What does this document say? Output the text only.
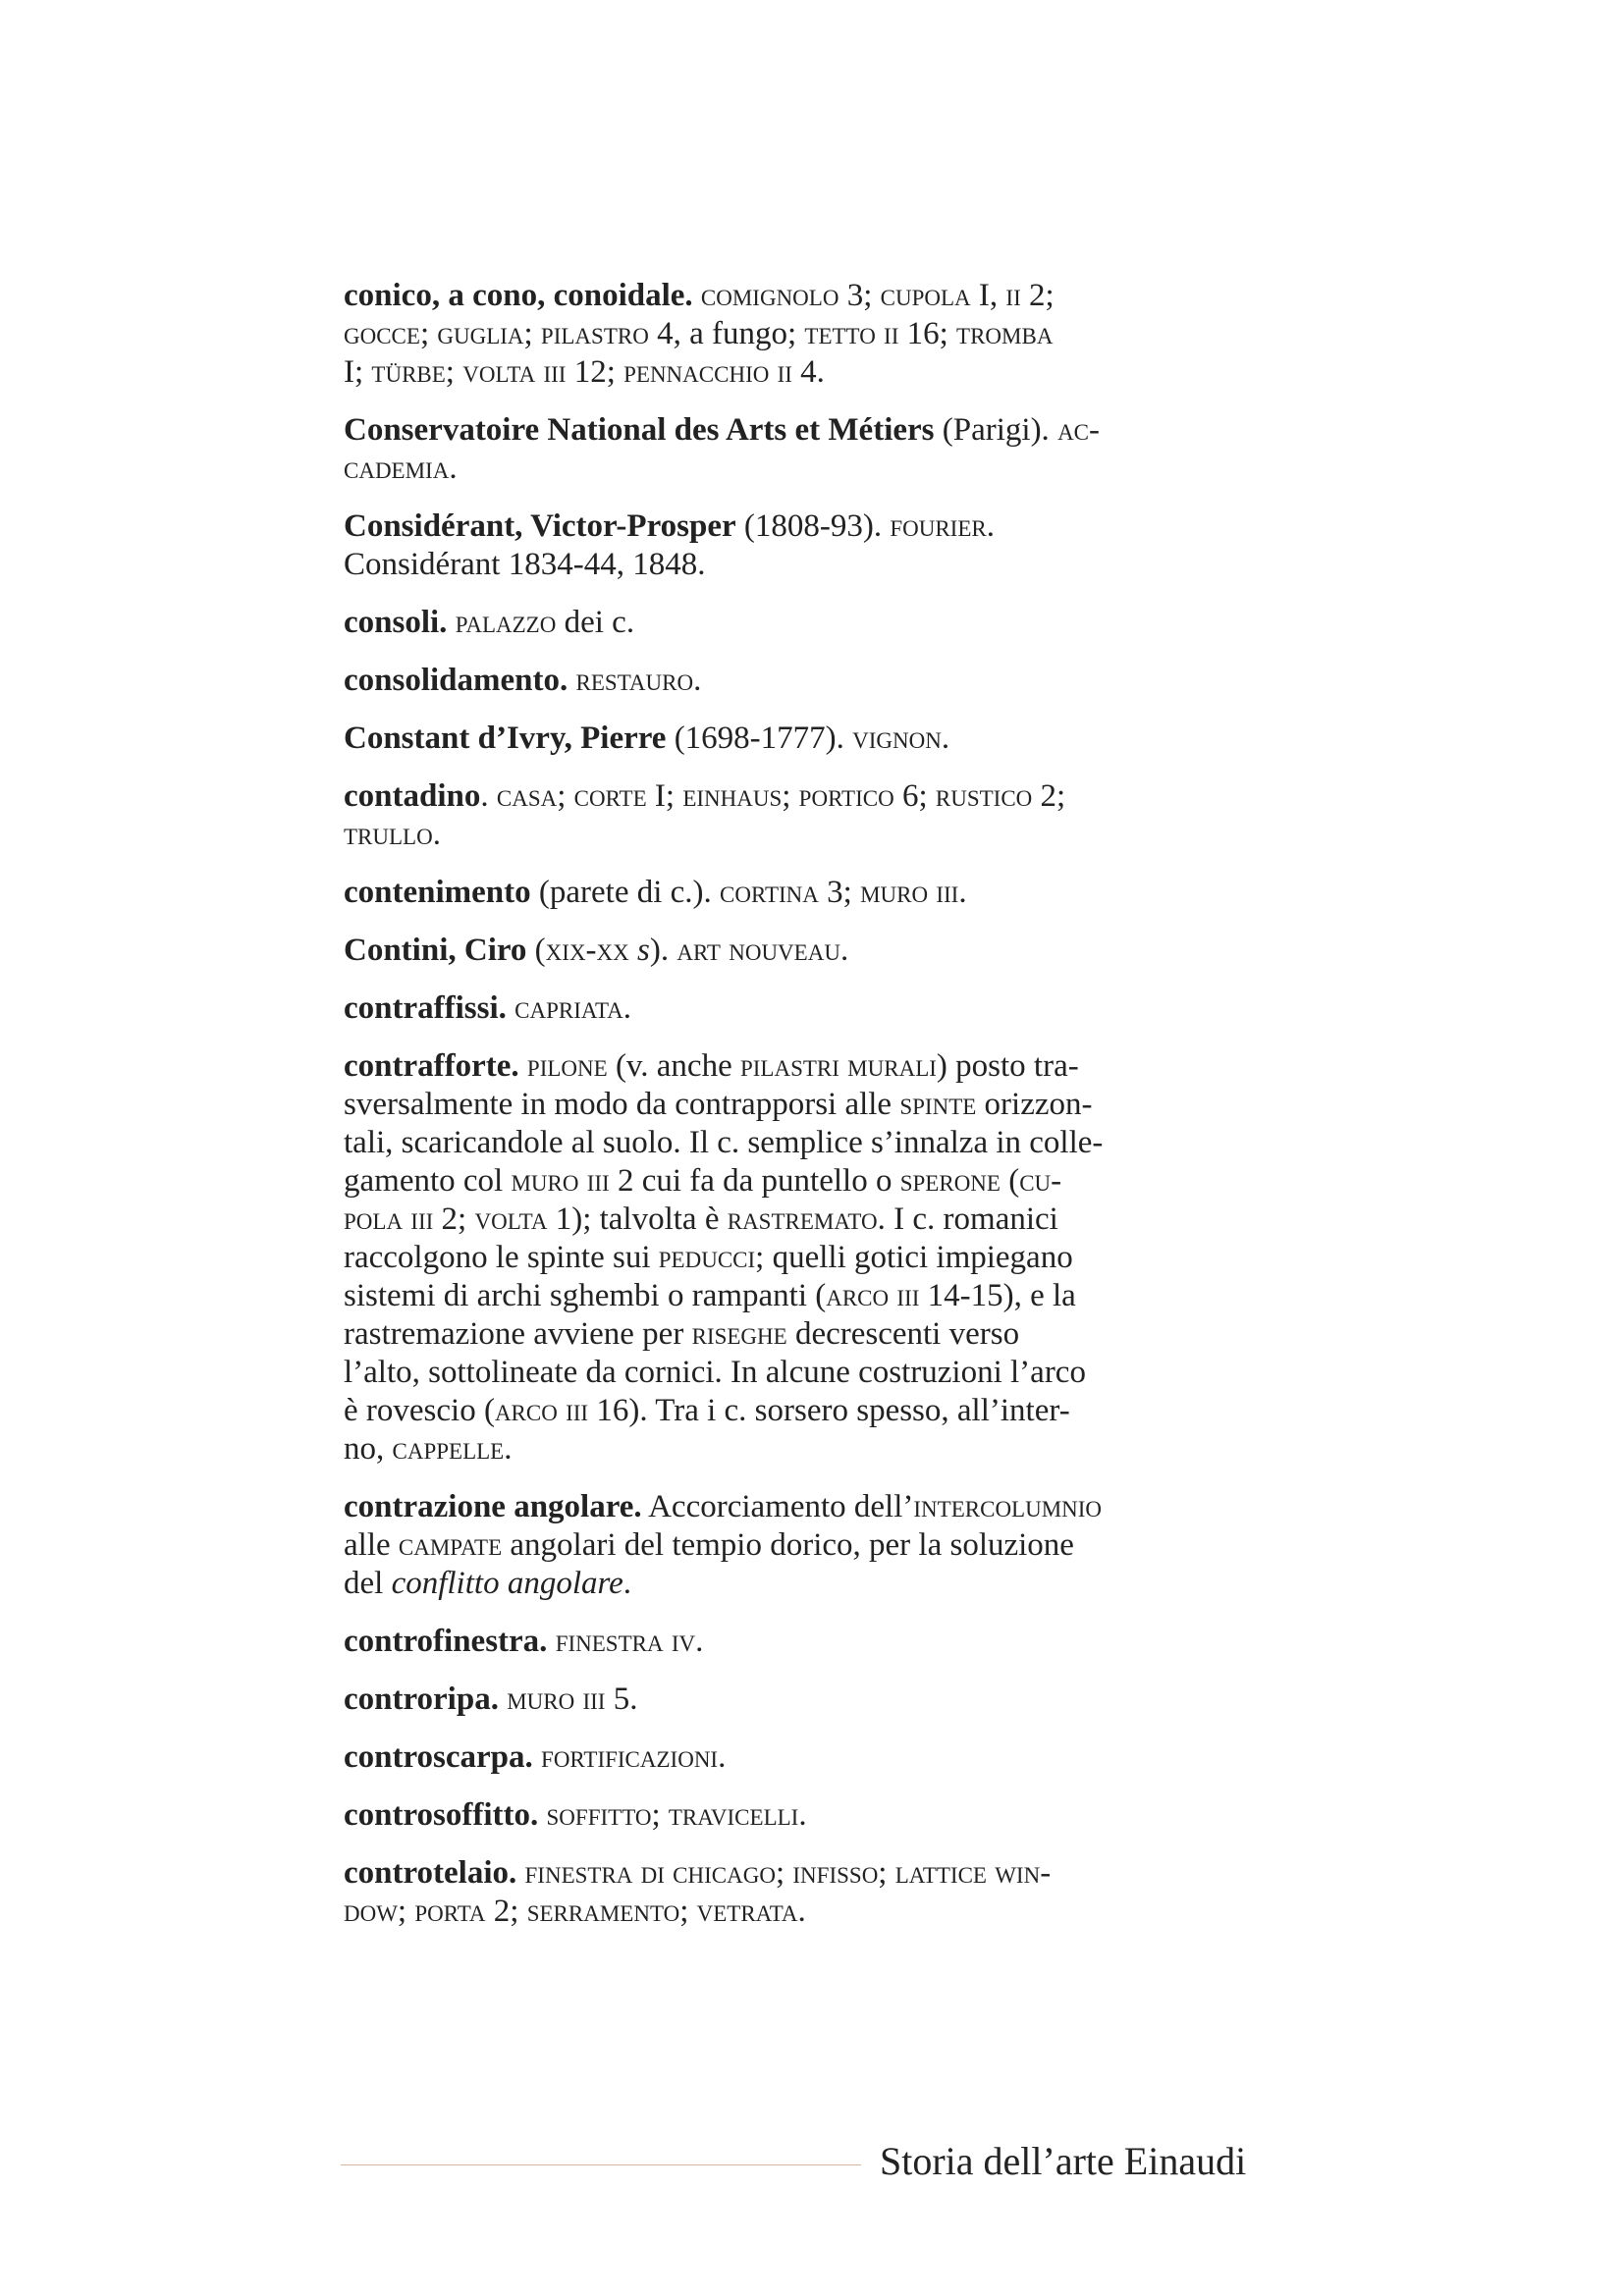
conico, a cono, conoidale. comignolo 3; cupola I, ii 2;
gocce; guglia; pilastro 4, a fungo; tetto ii 16; tromba
I; türbe; volta iii 12; pennacchio ii 4.
Conservatoire National des Arts et Métiers (Parigi). ac-
cademia.
Considérant, Victor-Prosper (1808-93). fourier.
Considérant 1834-44, 1848.
consoli. palazzo dei c.
consolidamento. restauro.
Constant d’Ivry, Pierre (1698-1777). vignon.
contadino. casa; corte I; einhaus; portico 6; rustico 2;
trullo.
contenimento (parete di c.). cortina 3; muro iii.
Contini, Ciro (xix-xx s). art nouveau.
contraffissi. capriata.
contrafforte. pilone (v. anche pilastri murali) posto tra-
sversalmente in modo da contrapporsi alle spinte orizzon-
tali, scaricandole al suolo. Il c. semplice s’innalza in colle-
gamento col muro iii 2 cui fa da puntello o sperone (cu-
pola iii 2; volta 1); talvolta è rastremato. I c. romanici
raccolgono le spinte sui peducci; quelli gotici impiegano
sistemi di archi sghembi o rampanti (arco iii 14-15), e la
rastremazione avviene per riseghe decrescenti verso
l’alto, sottolineate da cornici. In alcune costruzioni l’arco
è rovescio (arco iii 16). Tra i c. sorsero spesso, all’inter-
no, cappelle.
contrazione angolare. Accorciamento dell’intercolumnio
alle campate angolari del tempio dorico, per la soluzione
del conflitto angolare.
controfinestra. finestra iv.
controripa. muro iii 5.
controscarpa. fortificazioni.
controsoffitto. soffitto; travicelli.
controtelaio. finestra di chicago; infisso; lattice win-
dow; porta 2; serramento; vetrata.
Storia dell’arte Einaudi
